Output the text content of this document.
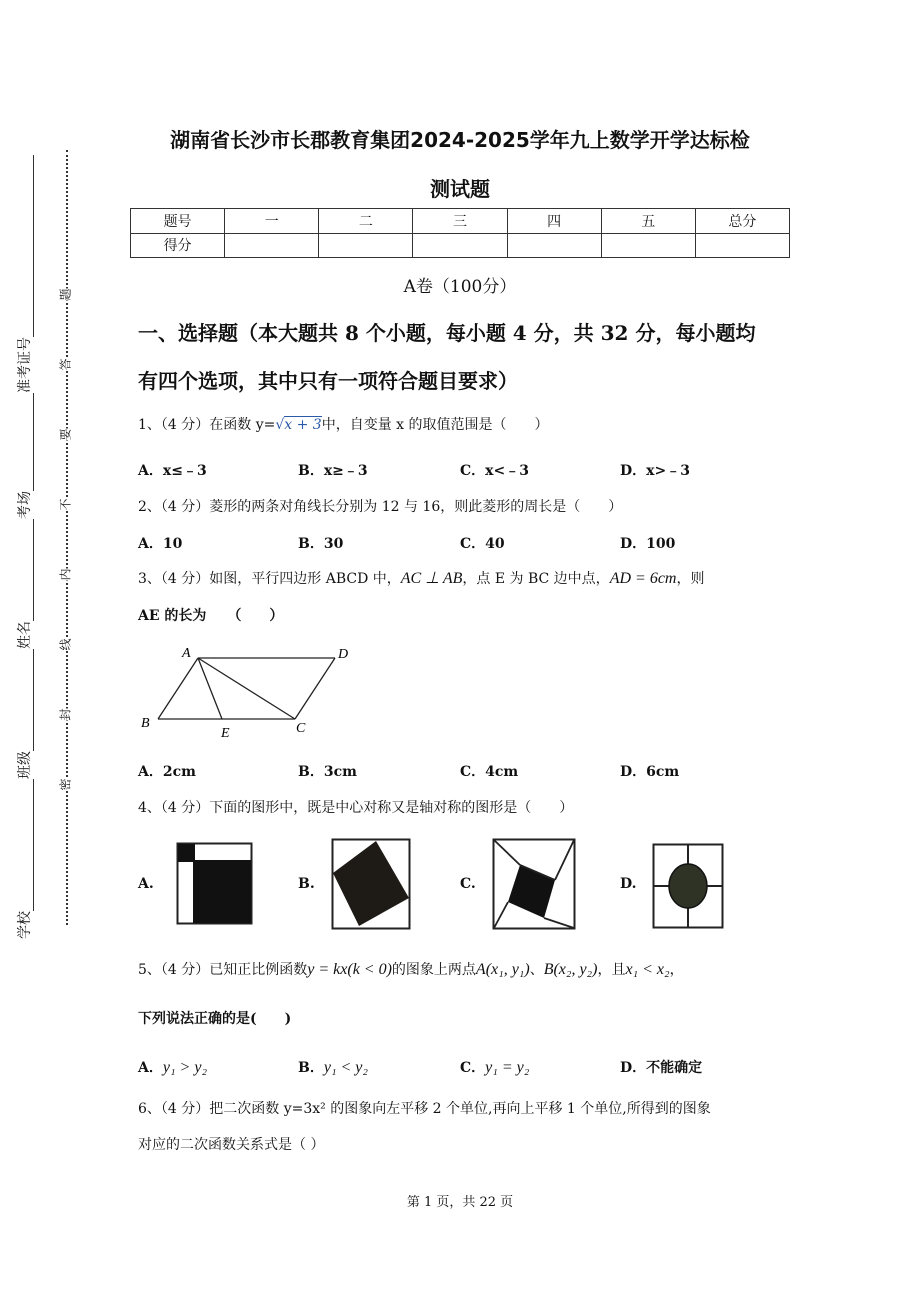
学校
班级
姓名
考场
准考证号
题
答
要
不
内
线
封
密
湖南省长沙市长郡教育集团2024-2025学年九上数学开学达标检
测试题
题号	一	二	三	四	五	总分
得分						
A卷（100分）
一、选择题（本大题共 8 个小题，每小题 4 分，共 32 分，每小题均
有四个选项，其中只有一项符合题目要求）
1、（4 分）在函数 y=√x + 3中，自变量 x 的取值范围是（　　）
A．x≤﹣3	B．x≥﹣3	C．x<﹣3	D．x>﹣3
2、（4 分）菱形的两条对角线长分别为 12 与 16，则此菱形的周长是（　　）
A．10	B．30	C．40	D．100
3、（4 分）如图，平行四边形 ABCD 中，AC ⊥ AB，点 E 为 BC 边中点，AD = 6cm，则
AE 的长为　　（　　）
A	D
B
E	C
A．2cm	B．3cm	C．4cm	D．6cm
4、（4 分）下面的图形中，既是中心对称又是轴对称的图形是（　　）
A.	B.	C.	D.
5、（4 分）已知正比例函数y = kx(k < 0)的图象上两点A(x₁, y₁)、B(x₂, y₂)，且x₁ < x₂，
下列说法正确的是(　　)
A．y₁ > y₂	B．y₁ < y₂	C．y₁ = y₂	D．不能确定
6、（4 分）把二次函数 y=3x² 的图象向左平移 2 个单位,再向上平移 1 个单位,所得到的图象
对应的二次函数关系式是（ ）
第 1 页，共 22 页
